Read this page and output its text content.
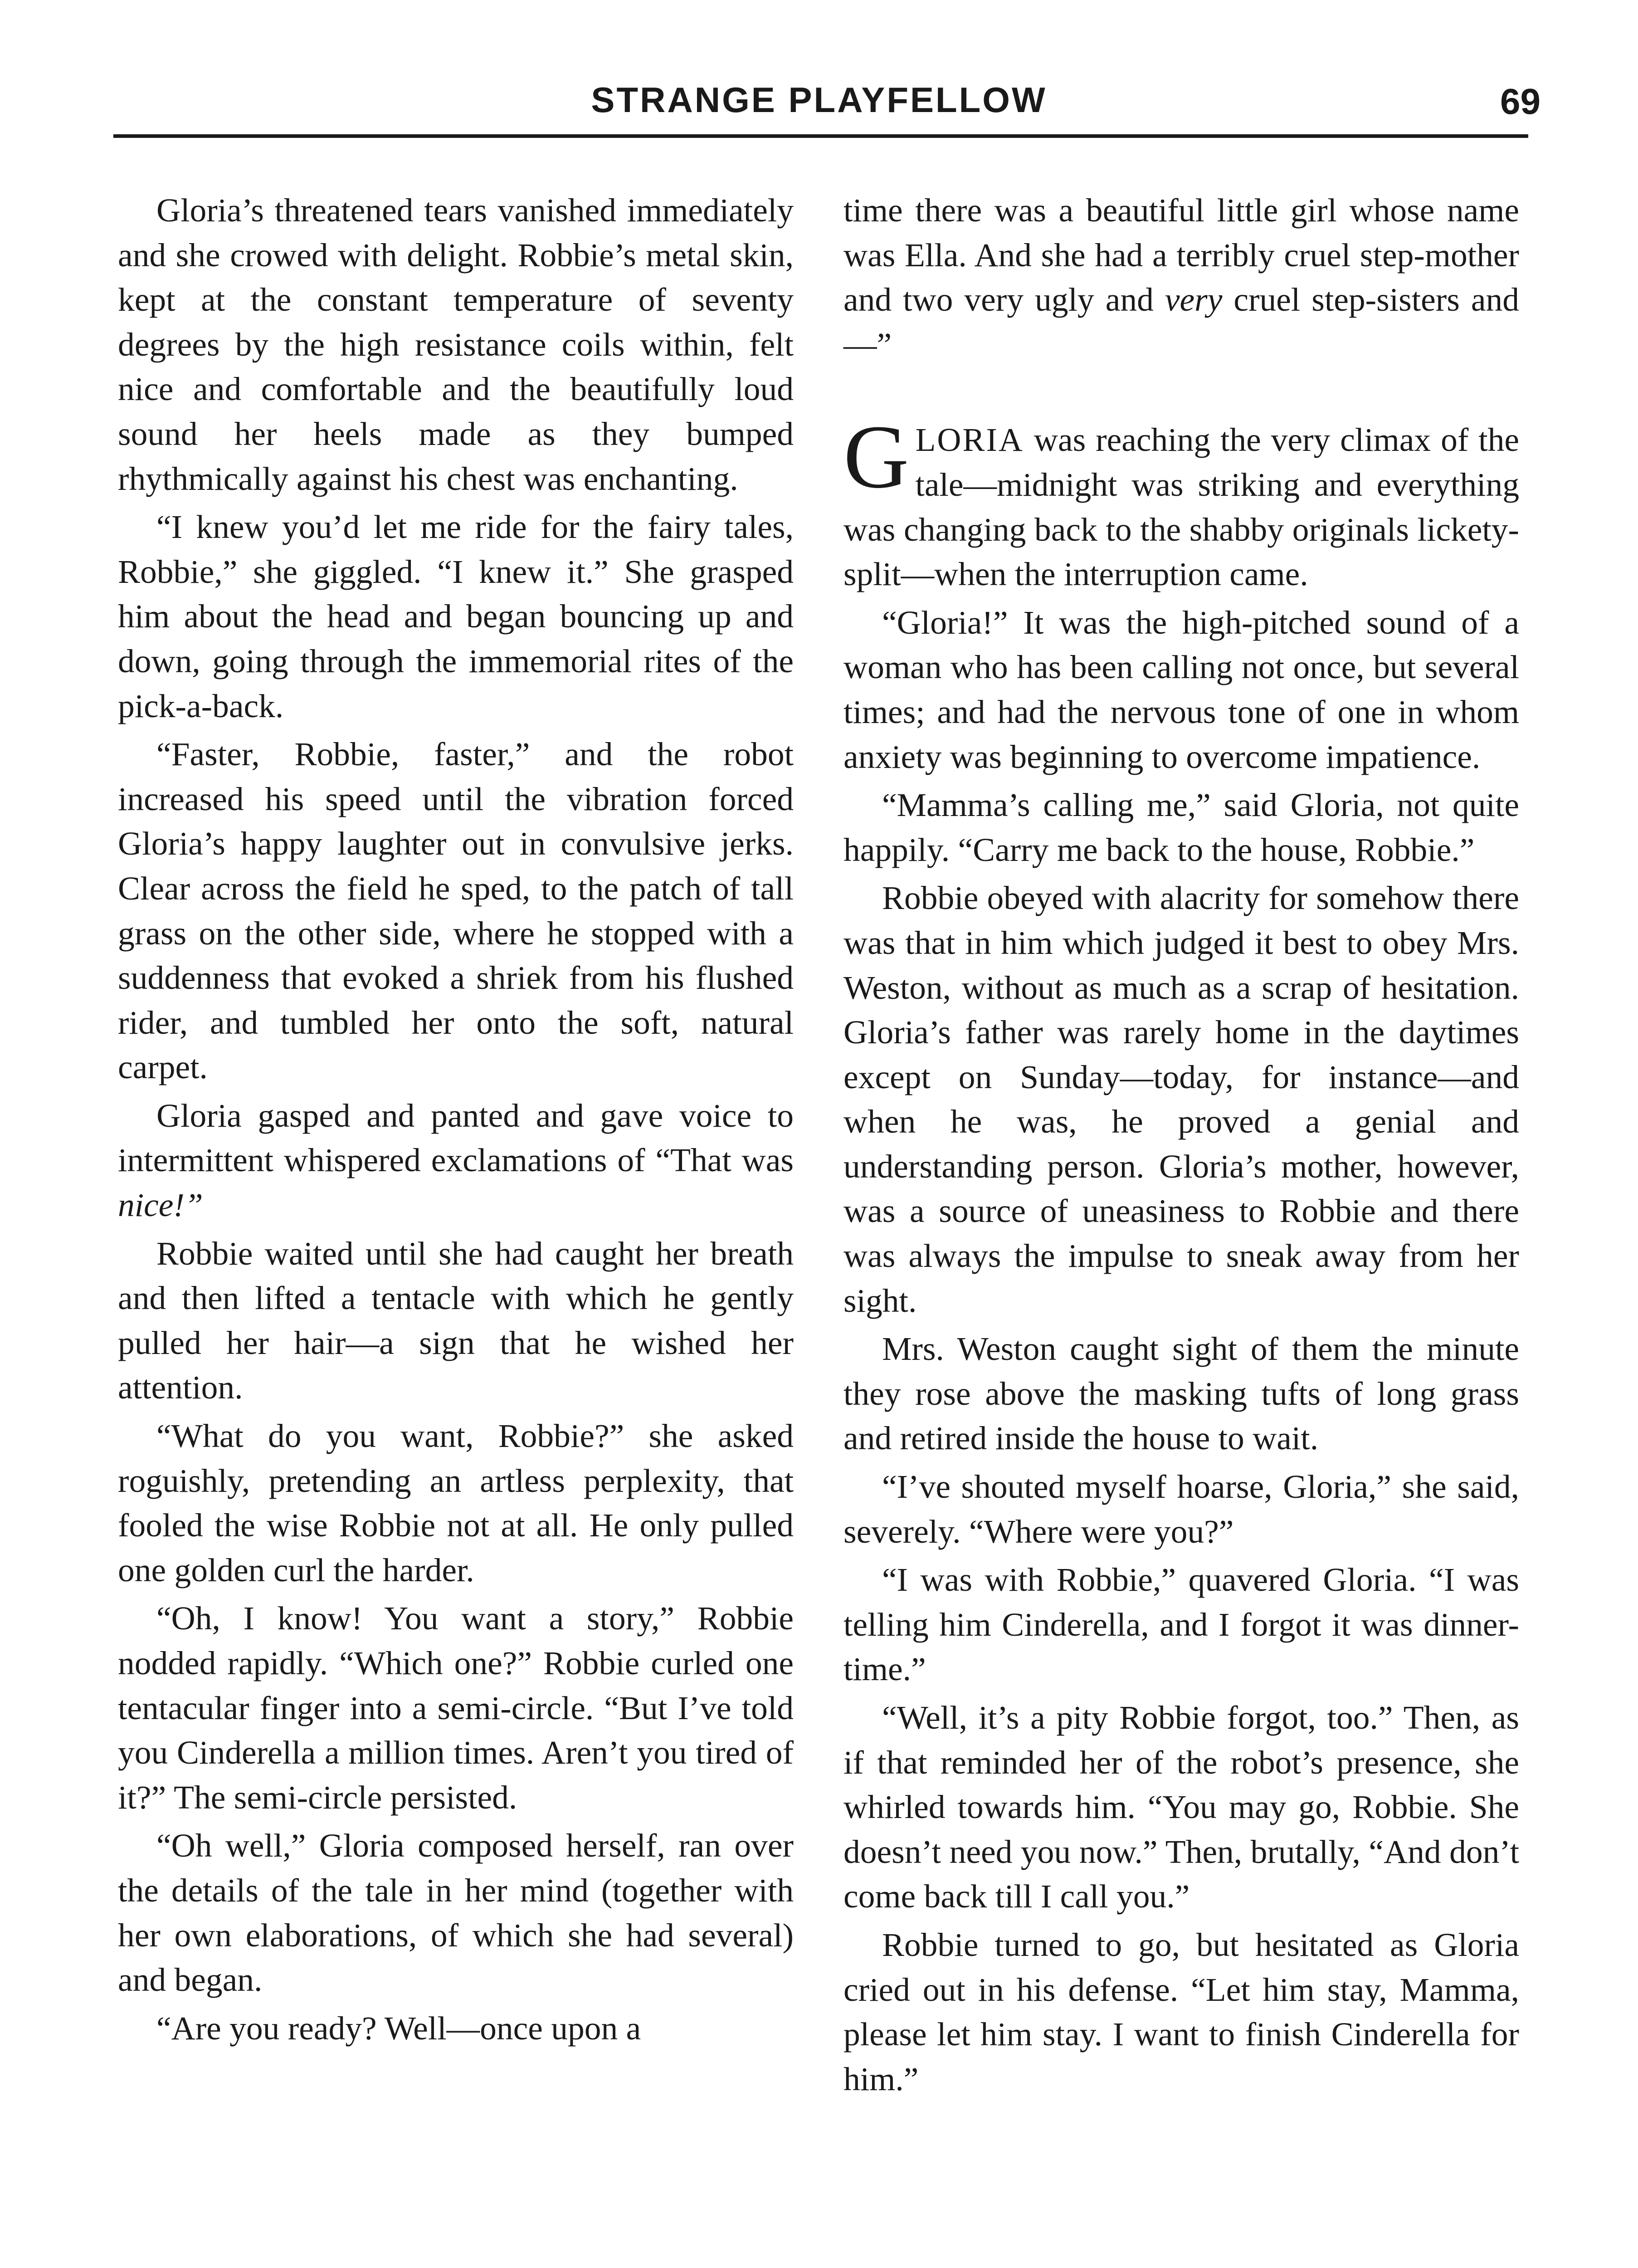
STRANGE PLAYFELLOW	69

Gloria’s threatened tears vanished immediately and she crowed with delight. Robbie’s metal skin, kept at the constant temperature of seventy degrees by the high resistance coils within, felt nice and comfortable and the beautifully loud sound her heels made as they bumped rhythmically against his chest was enchanting.

“I knew you’d let me ride for the fairy tales, Robbie,” she giggled. “I knew it.” She grasped him about the head and began bouncing up and down, going through the immemorial rites of the pick-a-back.

“Faster, Robbie, faster,” and the robot increased his speed until the vibration forced Gloria’s happy laughter out in convulsive jerks. Clear across the field he sped, to the patch of tall grass on the other side, where he stopped with a suddenness that evoked a shriek from his flushed rider, and tumbled her onto the soft, natural carpet.

Gloria gasped and panted and gave voice to intermittent whispered exclamations of “That was nice!”

Robbie waited until she had caught her breath and then lifted a tentacle with which he gently pulled her hair—a sign that he wished her attention.

“What do you want, Robbie?” she asked roguishly, pretending an artless perplexity, that fooled the wise Robbie not at all. He only pulled one golden curl the harder.

“Oh, I know! You want a story,” Robbie nodded rapidly. “Which one?” Robbie curled one tentacular finger into a semi-circle. “But I’ve told you Cinderella a million times. Aren’t you tired of it?” The semi-circle persisted.

“Oh well,” Gloria composed herself, ran over the details of the tale in her mind (together with her own elaborations, of which she had several) and began.

“Are you ready? Well—once upon a

time there was a beautiful little girl whose name was Ella. And she had a terribly cruel step-mother and two very ugly and very cruel step-sisters and—”

GLORIA was reaching the very climax of the tale—midnight was striking and everything was changing back to the shabby originals lickety-split—when the interruption came.

“Gloria!” It was the high-pitched sound of a woman who has been calling not once, but several times; and had the nervous tone of one in whom anxiety was beginning to overcome impatience.

“Mamma’s calling me,” said Gloria, not quite happily. “Carry me back to the house, Robbie.”

Robbie obeyed with alacrity for somehow there was that in him which judged it best to obey Mrs. Weston, without as much as a scrap of hesitation. Gloria’s father was rarely home in the daytimes except on Sunday—today, for instance—and when he was, he proved a genial and understanding person. Gloria’s mother, however, was a source of uneasiness to Robbie and there was always the impulse to sneak away from her sight.

Mrs. Weston caught sight of them the minute they rose above the masking tufts of long grass and retired inside the house to wait.

“I’ve shouted myself hoarse, Gloria,” she said, severely. “Where were you?”

“I was with Robbie,” quavered Gloria. “I was telling him Cinderella, and I forgot it was dinner-time.”

“Well, it’s a pity Robbie forgot, too.” Then, as if that reminded her of the robot’s presence, she whirled towards him. “You may go, Robbie. She doesn’t need you now.” Then, brutally, “And don’t come back till I call you.”

Robbie turned to go, but hesitated as Gloria cried out in his defense. “Let him stay, Mamma, please let him stay. I want to finish Cinderella for him.”
